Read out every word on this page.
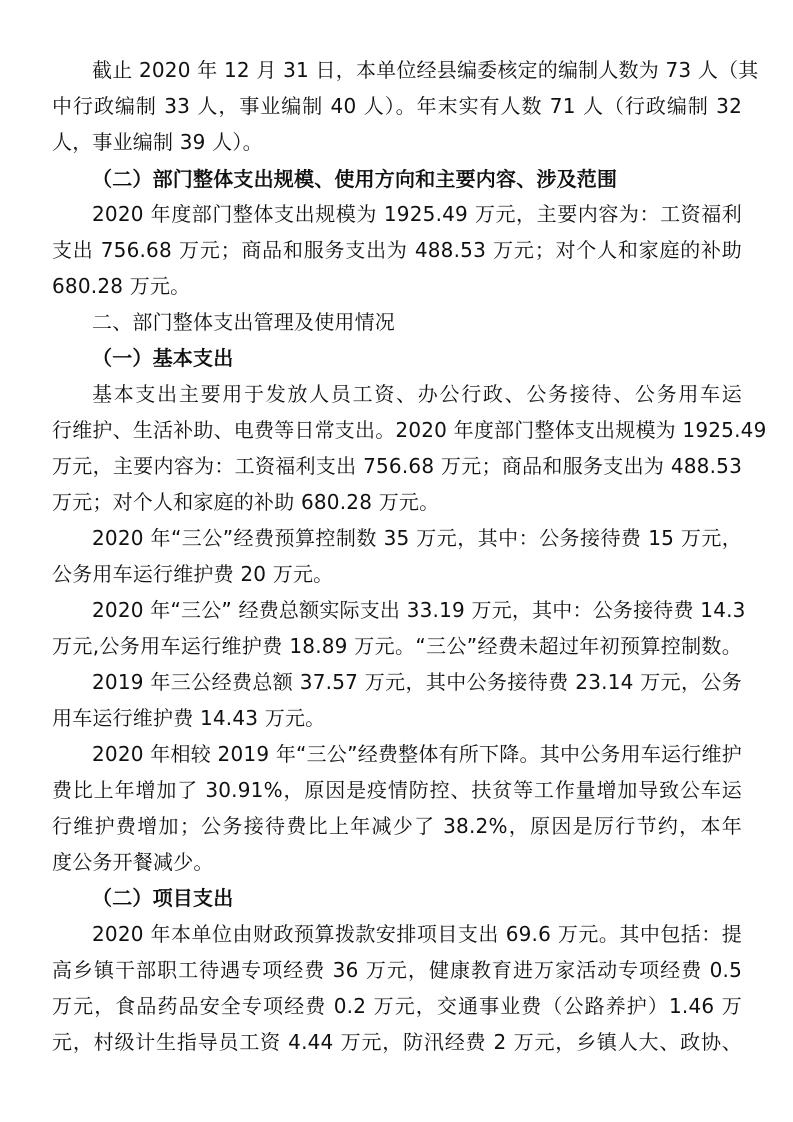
截止 2020 年 12 月 31 日，本单位经县编委核定的编制人数为 73 人（其
中行政编制 33 人，事业编制 40 人）。年末实有人数 71 人（行政编制 32
人，事业编制 39 人）。
（二）部门整体支出规模、使用方向和主要内容、涉及范围
2020 年度部门整体支出规模为 1925.49 万元，主要内容为：工资福利
支出 756.68 万元；商品和服务支出为 488.53 万元；对个人和家庭的补助
680.28 万元。
二、部门整体支出管理及使用情况
（一）基本支出
基本支出主要用于发放人员工资、办公行政、公务接待、公务用车运
行维护、生活补助、电费等日常支出。2020 年度部门整体支出规模为 1925.49
万元，主要内容为：工资福利支出 756.68 万元；商品和服务支出为 488.53
万元；对个人和家庭的补助 680.28 万元。
2020 年“三公”经费预算控制数 35 万元，其中：公务接待费 15 万元，
公务用车运行维护费 20 万元。
2020 年“三公” 经费总额实际支出 33.19 万元，其中：公务接待费 14.3
万元,公务用车运行维护费 18.89 万元。“三公”经费未超过年初预算控制数。
2019 年三公经费总额 37.57 万元，其中公务接待费 23.14 万元，公务
用车运行维护费 14.43 万元。
2020 年相较 2019 年“三公”经费整体有所下降。其中公务用车运行维护
费比上年增加了 30.91%，原因是疫情防控、扶贫等工作量增加导致公车运
行维护费增加；公务接待费比上年减少了 38.2%，原因是厉行节约，本年
度公务开餐减少。
（二）项目支出
2020 年本单位由财政预算拨款安排项目支出 69.6 万元。其中包括：提
高乡镇干部职工待遇专项经费 36 万元，健康教育进万家活动专项经费 0.5
万元，食品药品安全专项经费 0.2 万元，交通事业费（公路养护）1.46 万
元，村级计生指导员工资 4.44 万元，防汛经费 2 万元，乡镇人大、政协、
